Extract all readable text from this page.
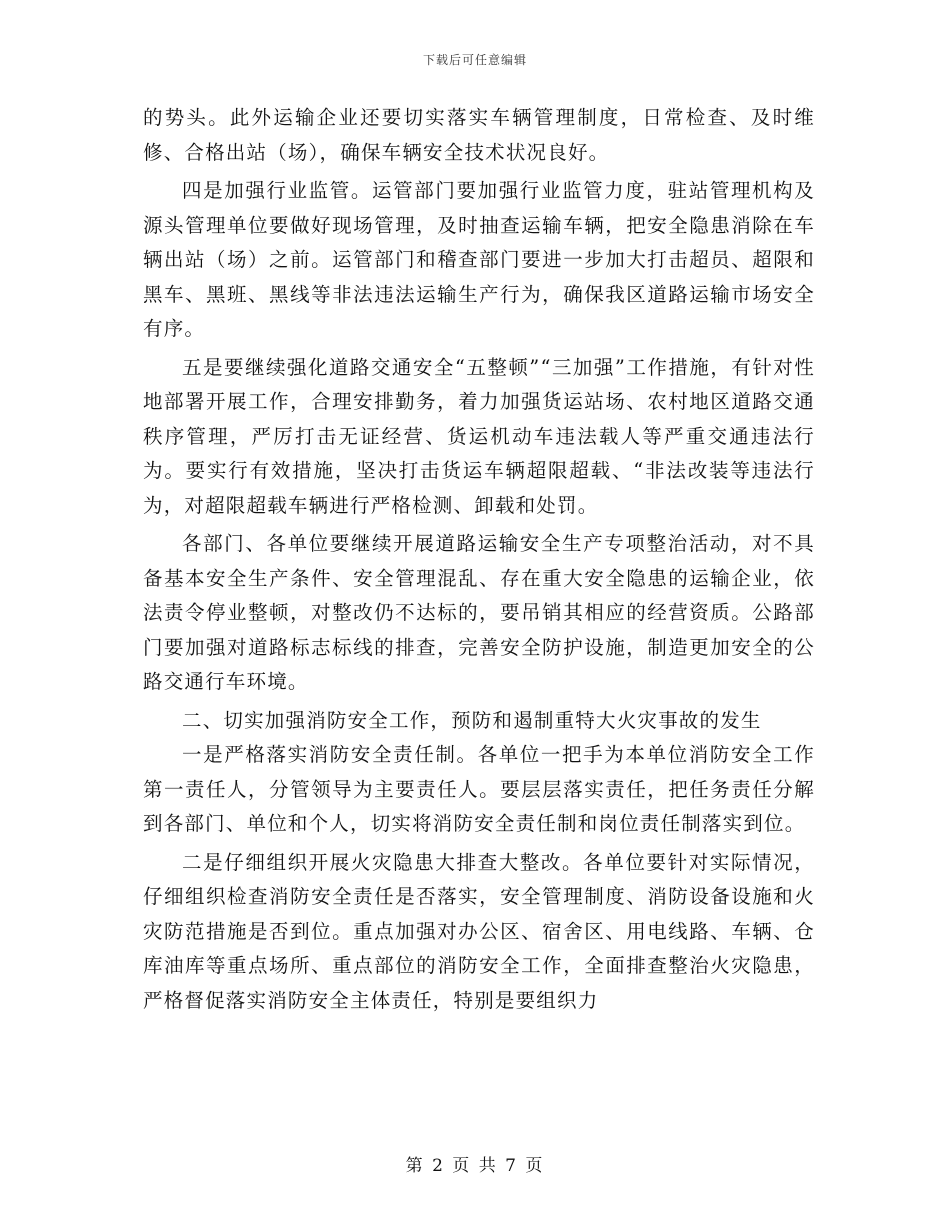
下载后可任意编辑

的势头。此外运输企业还要切实落实车辆管理制度，日常检查、及时维修、合格出站（场），确保车辆安全技术状况良好。

四是加强行业监管。运管部门要加强行业监管力度，驻站管理机构及源头管理单位要做好现场管理，及时抽查运输车辆，把安全隐患消除在车辆出站（场）之前。运管部门和稽查部门要进一步加大打击超员、超限和黑车、黑班、黑线等非法违法运输生产行为，确保我区道路运输市场安全有序。

五是要继续强化道路交通安全“五整顿”“三加强”工作措施，有针对性地部署开展工作，合理安排勤务，着力加强货运站场、农村地区道路交通秩序管理，严厉打击无证经营、货运机动车违法载人等严重交通违法行为。要实行有效措施，坚决打击货运车辆超限超载、“非法改装等违法行为，对超限超载车辆进行严格检测、卸载和处罚。

各部门、各单位要继续开展道路运输安全生产专项整治活动，对不具备基本安全生产条件、安全管理混乱、存在重大安全隐患的运输企业，依法责令停业整顿，对整改仍不达标的，要吊销其相应的经营资质。公路部门要加强对道路标志标线的排查，完善安全防护设施，制造更加安全的公路交通行车环境。

二、切实加强消防安全工作，预防和遏制重特大火灾事故的发生

一是严格落实消防安全责任制。各单位一把手为本单位消防安全工作第一责任人，分管领导为主要责任人。要层层落实责任，把任务责任分解到各部门、单位和个人，切实将消防安全责任制和岗位责任制落实到位。

二是仔细组织开展火灾隐患大排查大整改。各单位要针对实际情况，仔细组织检查消防安全责任是否落实，安全管理制度、消防设备设施和火灾防范措施是否到位。重点加强对办公区、宿舍区、用电线路、车辆、仓库油库等重点场所、重点部位的消防安全工作，全面排查整治火灾隐患，严格督促落实消防安全主体责任，特别是要组织力

第 2 页 共 7 页
